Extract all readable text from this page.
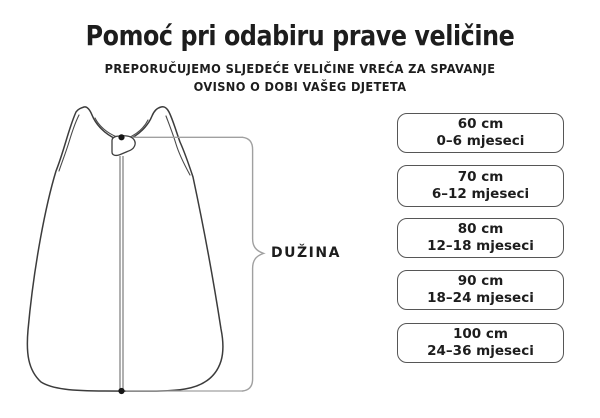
Pomoć pri odabiru prave veličine
PREPORUČUJEMO SLJEDEĆE VELIČINE VREĆA ZA SPAVANJE
OVISNO O DOBI VAŠEG DJETETA
DUŽINA
60 cm
0–6 mjeseci
70 cm
6–12 mjeseci
80 cm
12–18 mjeseci
90 cm
18–24 mjeseci
100 cm
24–36 mjeseci
